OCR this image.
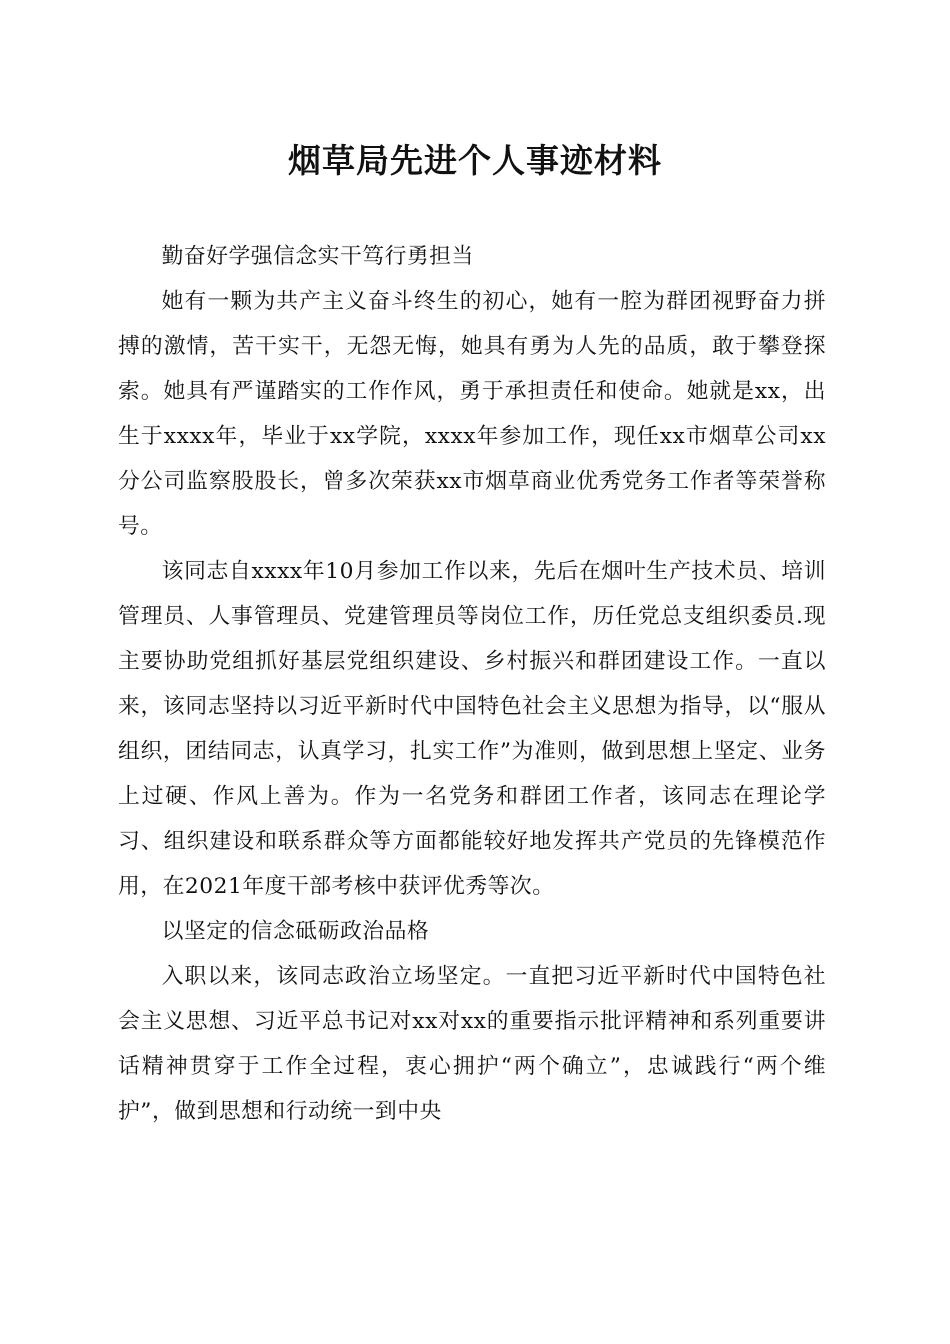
烟草局先进个人事迹材料

勤奋好学强信念实干笃行勇担当

她有一颗为共产主义奋斗终生的初心，她有一腔为群团视野奋力拼搏的激情，苦干实干，无怨无悔，她具有勇为人先的品质，敢于攀登探索。她具有严谨踏实的工作作风，勇于承担责任和使命。她就是xx，出生于xxxx年，毕业于xx学院，xxxx年参加工作，现任xx市烟草公司xx分公司监察股股长，曾多次荣获xx市烟草商业优秀党务工作者等荣誉称号。

该同志自xxxx年10月参加工作以来，先后在烟叶生产技术员、培训管理员、人事管理员、党建管理员等岗位工作，历任党总支组织委员.现主要协助党组抓好基层党组织建设、乡村振兴和群团建设工作。一直以来，该同志坚持以习近平新时代中国特色社会主义思想为指导，以“服从组织，团结同志，认真学习，扎实工作”为准则，做到思想上坚定、业务上过硬、作风上善为。作为一名党务和群团工作者，该同志在理论学习、组织建设和联系群众等方面都能较好地发挥共产党员的先锋模范作用，在2021年度干部考核中获评优秀等次。

以坚定的信念砥砺政治品格

入职以来，该同志政治立场坚定。一直把习近平新时代中国特色社会主义思想、习近平总书记对xx对xx的重要指示批评精神和系列重要讲话精神贯穿于工作全过程，衷心拥护“两个确立”，忠诚践行“两个维护”，做到思想和行动统一到中央
